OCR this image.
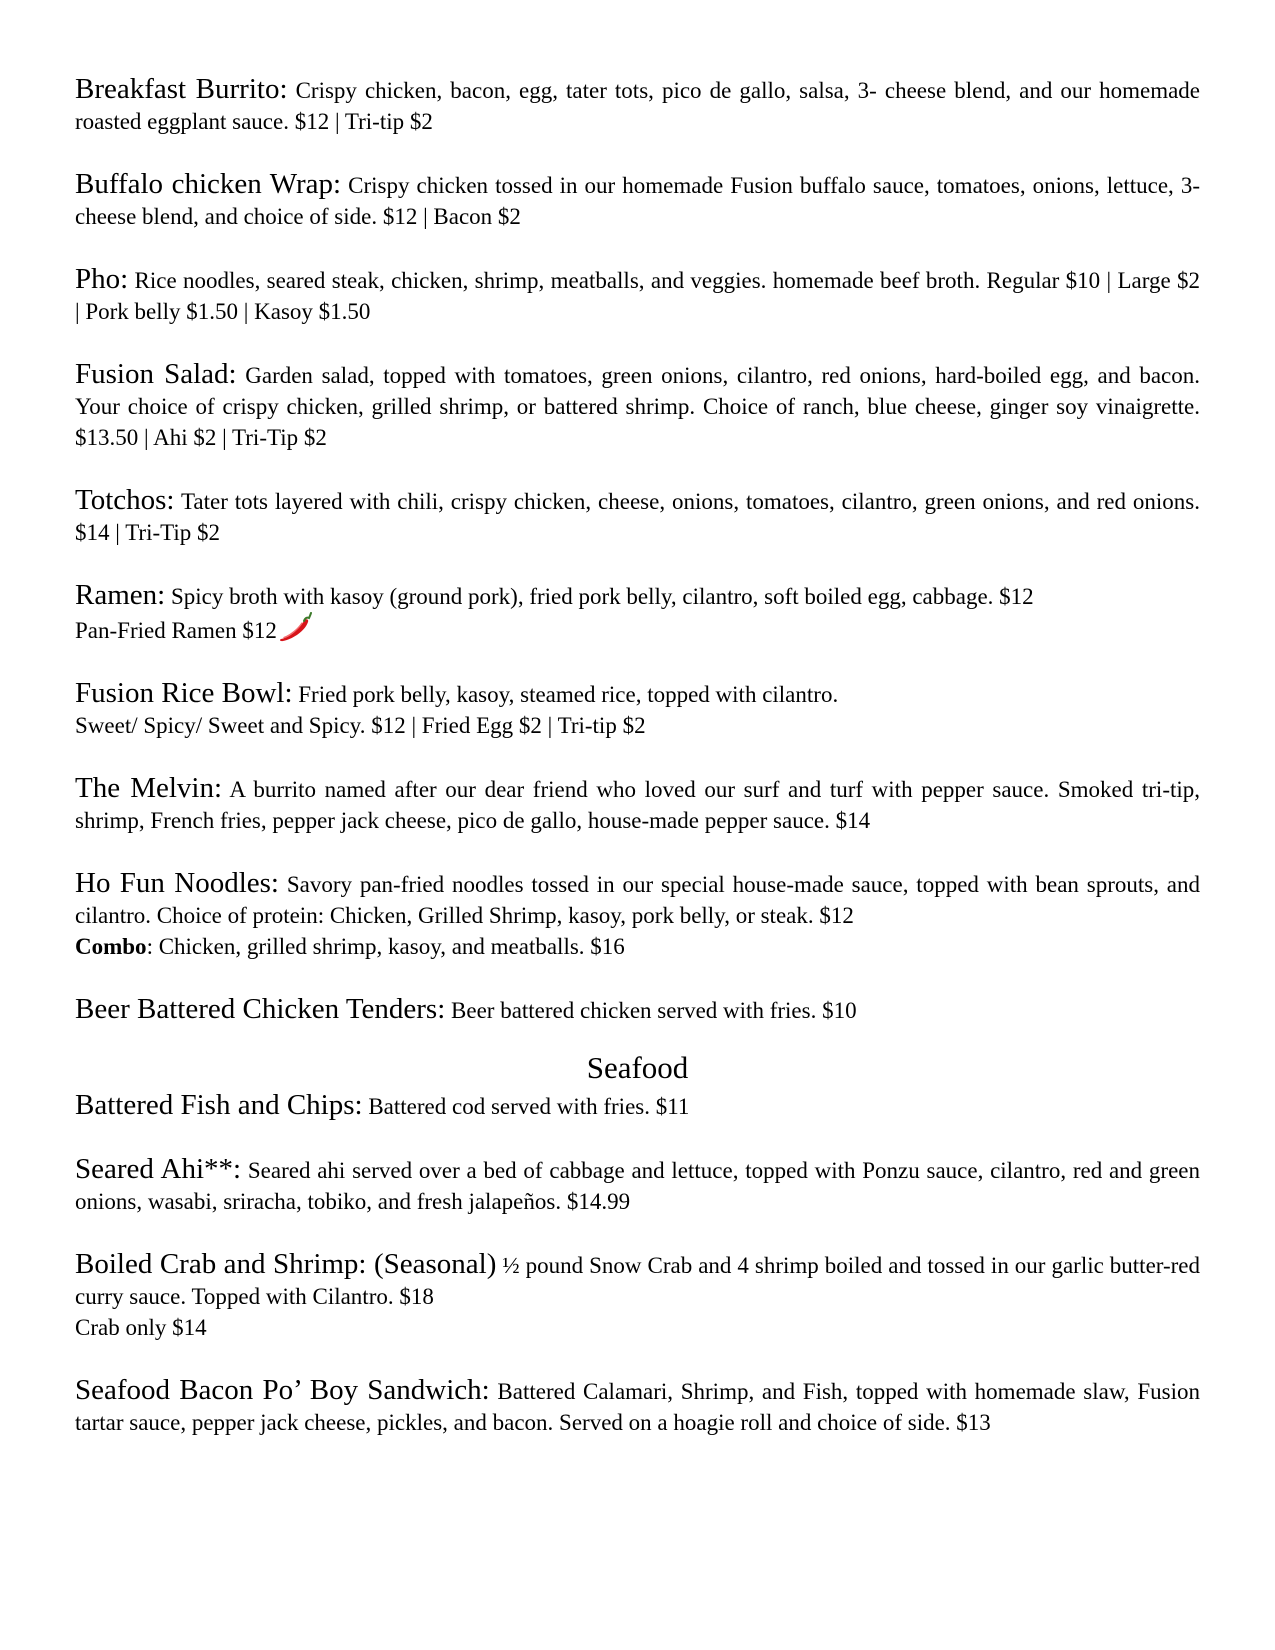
Breakfast Burrito: Crispy chicken, bacon, egg, tater tots, pico de gallo, salsa, 3- cheese blend, and our homemade roasted eggplant sauce. $12 | Tri-tip $2
Buffalo chicken Wrap: Crispy chicken tossed in our homemade Fusion buffalo sauce, tomatoes, onions, lettuce, 3- cheese blend, and choice of side. $12 | Bacon $2
Pho: Rice noodles, seared steak, chicken, shrimp, meatballs, and veggies. homemade beef broth. Regular $10 | Large $2 | Pork belly $1.50 | Kasoy $1.50
Fusion Salad: Garden salad, topped with tomatoes, green onions, cilantro, red onions, hard-boiled egg, and bacon. Your choice of crispy chicken, grilled shrimp, or battered shrimp. Choice of ranch, blue cheese, ginger soy vinaigrette. $13.50 | Ahi $2 | Tri-Tip $2
Totchos: Tater tots layered with chili, crispy chicken, cheese, onions, tomatoes, cilantro, green onions, and red onions. $14 | Tri-Tip $2
Ramen: Spicy broth with kasoy (ground pork), fried pork belly, cilantro, soft boiled egg, cabbage. $12
Pan-Fried Ramen $12
Fusion Rice Bowl: Fried pork belly, kasoy, steamed rice, topped with cilantro.
Sweet/ Spicy/ Sweet and Spicy. $12 | Fried Egg $2 | Tri-tip $2
The Melvin: A burrito named after our dear friend who loved our surf and turf with pepper sauce. Smoked tri-tip, shrimp, French fries, pepper jack cheese, pico de gallo, house-made pepper sauce. $14
Ho Fun Noodles: Savory pan-fried noodles tossed in our special house-made sauce, topped with bean sprouts, and cilantro. Choice of protein: Chicken, Grilled Shrimp, kasoy, pork belly, or steak. $12
Combo: Chicken, grilled shrimp, kasoy, and meatballs. $16
Beer Battered Chicken Tenders: Beer battered chicken served with fries. $10
Seafood
Battered Fish and Chips: Battered cod served with fries. $11
Seared Ahi**: Seared ahi served over a bed of cabbage and lettuce, topped with Ponzu sauce, cilantro, red and green onions, wasabi, sriracha, tobiko, and fresh jalapeños. $14.99
Boiled Crab and Shrimp: (Seasonal) ½ pound Snow Crab and 4 shrimp boiled and tossed in our garlic butter-red curry sauce. Topped with Cilantro. $18
Crab only $14
Seafood Bacon Po’ Boy Sandwich: Battered Calamari, Shrimp, and Fish, topped with homemade slaw, Fusion tartar sauce, pepper jack cheese, pickles, and bacon. Served on a hoagie roll and choice of side. $13
